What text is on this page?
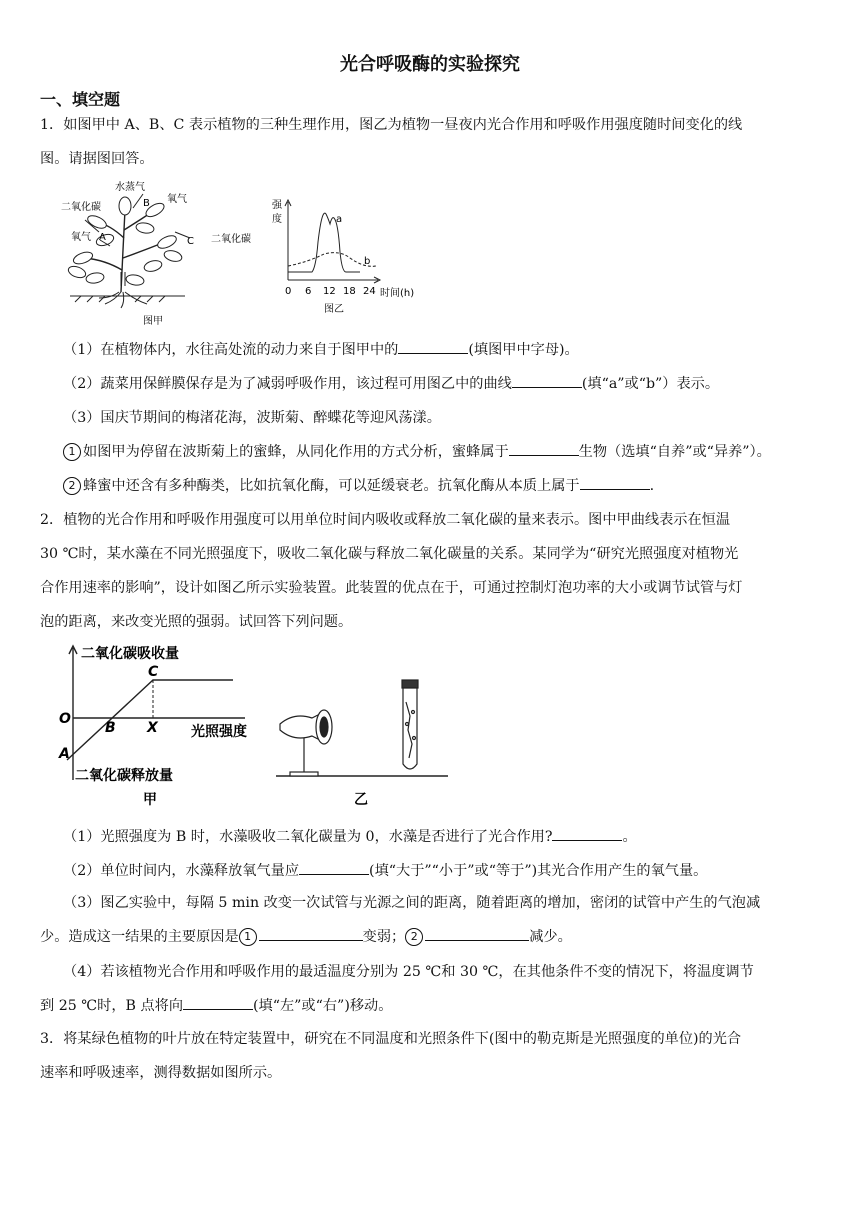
光合呼吸酶的实验探究
一、填空题
1．如图甲中 A、B、C 表示植物的三种生理作用，图乙为植物一昼夜内光合作用和呼吸作用强度随时间变化的线
图。请据图回答。
二氧化碳
水蒸气
氧气
氧气	二氧化碳
A
B
C
图甲
强
度	a
b
0 6 12 18 24 时间(h)
图乙
（1）在植物体内，水往高处流的动力来自于图甲中的	(填图甲中字母)。
（2）蔬菜用保鲜膜保存是为了减弱呼吸作用，该过程可用图乙中的曲线	(填“a”或“b”）表示。
（3）国庆节期间的梅渚花海，波斯菊、醉蝶花等迎风荡漾。
1 如图甲为停留在波斯菊上的蜜蜂，从同化作用的方式分析，蜜蜂属于	生物（选填“自养”或“异养”）。
2 蜂蜜中还含有多种酶类，比如抗氧化酶，可以延缓衰老。抗氧化酶从本质上属于	.
2．植物的光合作用和呼吸作用强度可以用单位时间内吸收或释放二氧化碳的量来表示。图中甲曲线表示在恒温
30 ℃时，某水藻在不同光照强度下，吸收二氧化碳与释放二氧化碳量的关系。某同学为“研究光照强度对植物光
合作用速率的影响”，设计如图乙所示实验装置。此装置的优点在于，可通过控制灯泡功率的大小或调节试管与灯
泡的距离，来改变光照的强弱。试回答下列问题。
二氧化碳吸收量
O
A
B
C
X 光照强度
二氧化碳释放量
甲	乙
（1）光照强度为 B 时，水藻吸收二氧化碳量为 0，水藻是否进行了光合作用?	。
（2）单位时间内，水藻释放氧气量应	(填“大于”“小于”或“等于”)其光合作用产生的氧气量。
（3）图乙实验中，每隔 5 min 改变一次试管与光源之间的距离，随着距离的增加，密闭的试管中产生的气泡减
少。造成这一结果的主要原因是 1	变弱； 2	减少。
（4）若该植物光合作用和呼吸作用的最适温度分别为 25 ℃和 30 ℃，在其他条件不变的情况下，将温度调节
到 25 ℃时，B 点将向	(填“左”或“右”)移动。
3．将某绿色植物的叶片放在特定装置中，研究在不同温度和光照条件下(图中的勒克斯是光照强度的单位)的光合
速率和呼吸速率，测得数据如图所示。
